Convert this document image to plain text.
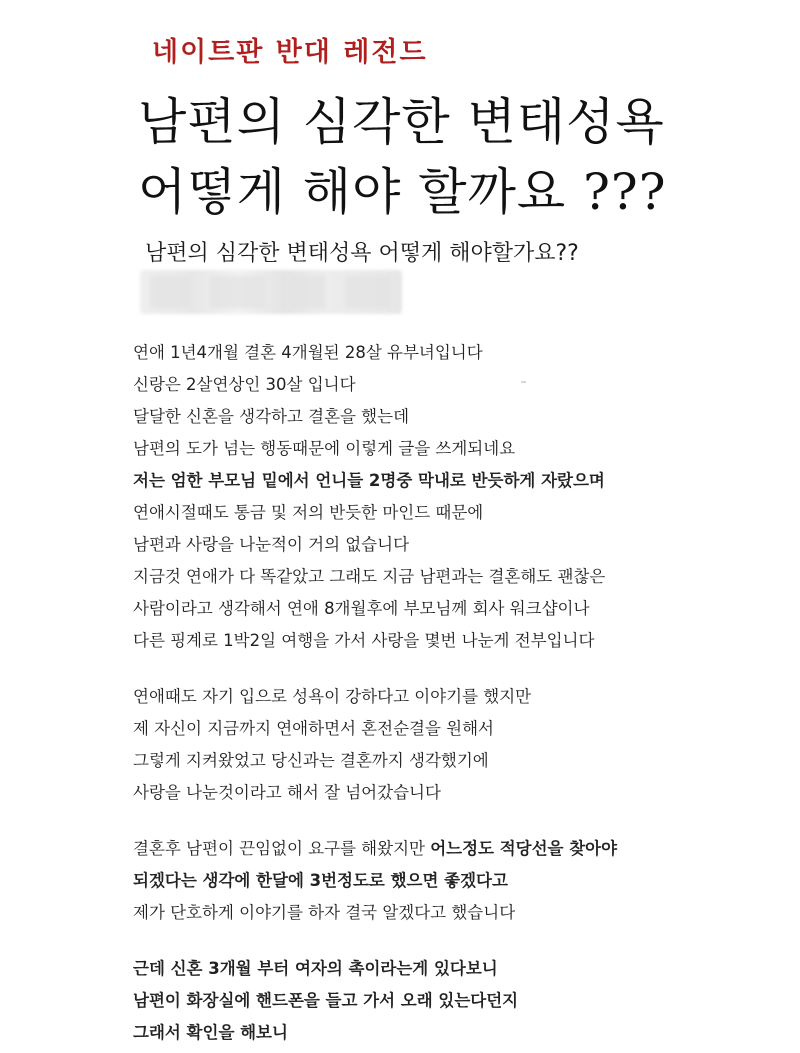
네이트판 반대 레전드
남편의 심각한 변태성욕
어떻게 해야 할까요 ???
남편의 심각한 변태성욕 어떻게 해야할가요??
연애 1년4개월 결혼 4개월된 28살 유부녀입니다
신랑은 2살연상인 30살 입니다
달달한 신혼을 생각하고 결혼을 했는데
남편의 도가 넘는 행동때문에 이렇게 글을 쓰게되네요
저는 엄한 부모님 밑에서 언니들 2명중 막내로 반듯하게 자랐으며
연애시절때도 통금 및 저의 반듯한 마인드 때문에
남편과 사랑을 나눈적이 거의 없습니다
지금것 연애가 다 똑같았고 그래도 지금 남편과는 결혼해도 괜찮은
사람이라고 생각해서 연애 8개월후에 부모님께 회사 워크샵이나
다른 핑계로 1박2일 여행을 가서 사랑을 몇번 나눈게 전부입니다
연애때도 자기 입으로 성욕이 강하다고 이야기를 했지만
제 자신이 지금까지 연애하면서 혼전순결을 원해서
그렇게 지켜왔었고 당신과는 결혼까지 생각했기에
사랑을 나눈것이라고 해서 잘 넘어갔습니다
결혼후 남편이 끈임없이 요구를 해왔지만 어느정도 적당선을 찾아야
되겠다는 생각에 한달에 3번정도로 했으면 좋겠다고
제가 단호하게 이야기를 하자 결국 알겠다고 했습니다
근데 신혼 3개월 부터 여자의 촉이라는게 있다보니
남편이 화장실에 핸드폰을 들고 가서 오래 있는다던지
그래서 확인을 해보니
